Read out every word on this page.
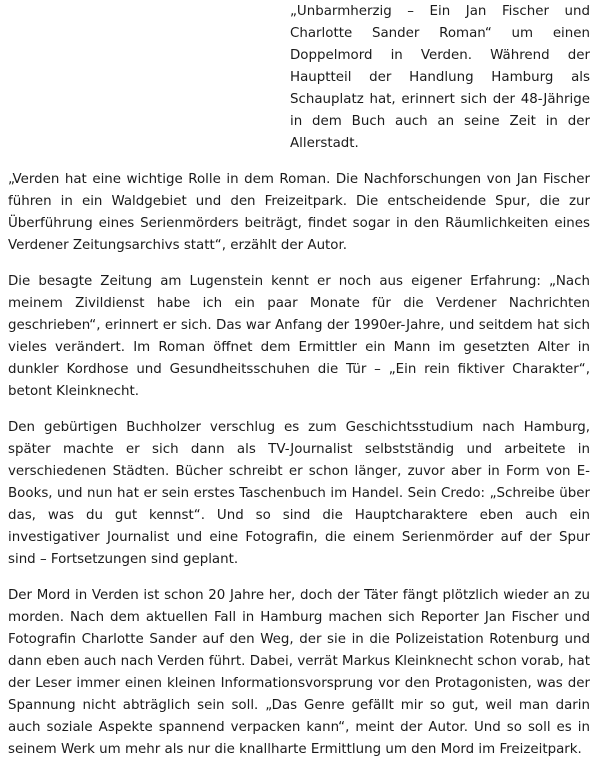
„Unbarmherzig – Ein Jan Fischer und Charlotte Sander Roman“ um einen Doppelmord in Verden. Während der Hauptteil der Handlung Hamburg als Schauplatz hat, erinnert sich der 48-Jährige in dem Buch auch an seine Zeit in der Allerstadt.

„Verden hat eine wichtige Rolle in dem Roman. Die Nachforschungen von Jan Fischer führen in ein Waldgebiet und den Freizeitpark. Die entscheidende Spur, die zur Überführung eines Serienmörders beiträgt, findet sogar in den Räumlichkeiten eines Verdener Zeitungsarchivs statt“, erzählt der Autor.

Die besagte Zeitung am Lugenstein kennt er noch aus eigener Erfahrung: „Nach meinem Zivildienst habe ich ein paar Monate für die Verdener Nachrichten geschrieben“, erinnert er sich. Das war Anfang der 1990er-Jahre, und seitdem hat sich vieles verändert. Im Roman öffnet dem Ermittler ein Mann im gesetzten Alter in dunkler Kordhose und Gesundheitsschuhen die Tür – „Ein rein fiktiver Charakter“, betont Kleinknecht.

Den gebürtigen Buchholzer verschlug es zum Geschichtsstudium nach Hamburg, später machte er sich dann als TV-Journalist selbstständig und arbeitete in verschiedenen Städten. Bücher schreibt er schon länger, zuvor aber in Form von E-Books, und nun hat er sein erstes Taschenbuch im Handel. Sein Credo: „Schreibe über das, was du gut kennst“. Und so sind die Hauptcharaktere eben auch ein investigativer Journalist und eine Fotografin, die einem Serienmörder auf der Spur sind – Fortsetzungen sind geplant.

Der Mord in Verden ist schon 20 Jahre her, doch der Täter fängt plötzlich wieder an zu morden. Nach dem aktuellen Fall in Hamburg machen sich Reporter Jan Fischer und Fotografin Charlotte Sander auf den Weg, der sie in die Polizeistation Rotenburg und dann eben auch nach Verden führt. Dabei, verrät Markus Kleinknecht schon vorab, hat der Leser immer einen kleinen Informationsvorsprung vor den Protagonisten, was der Spannung nicht abträglich sein soll. „Das Genre gefällt mir so gut, weil man darin auch soziale Aspekte spannend verpacken kann“, meint der Autor. Und so soll es in seinem Werk um mehr als nur die knallharte Ermittlung um den Mord im Freizeitpark.
